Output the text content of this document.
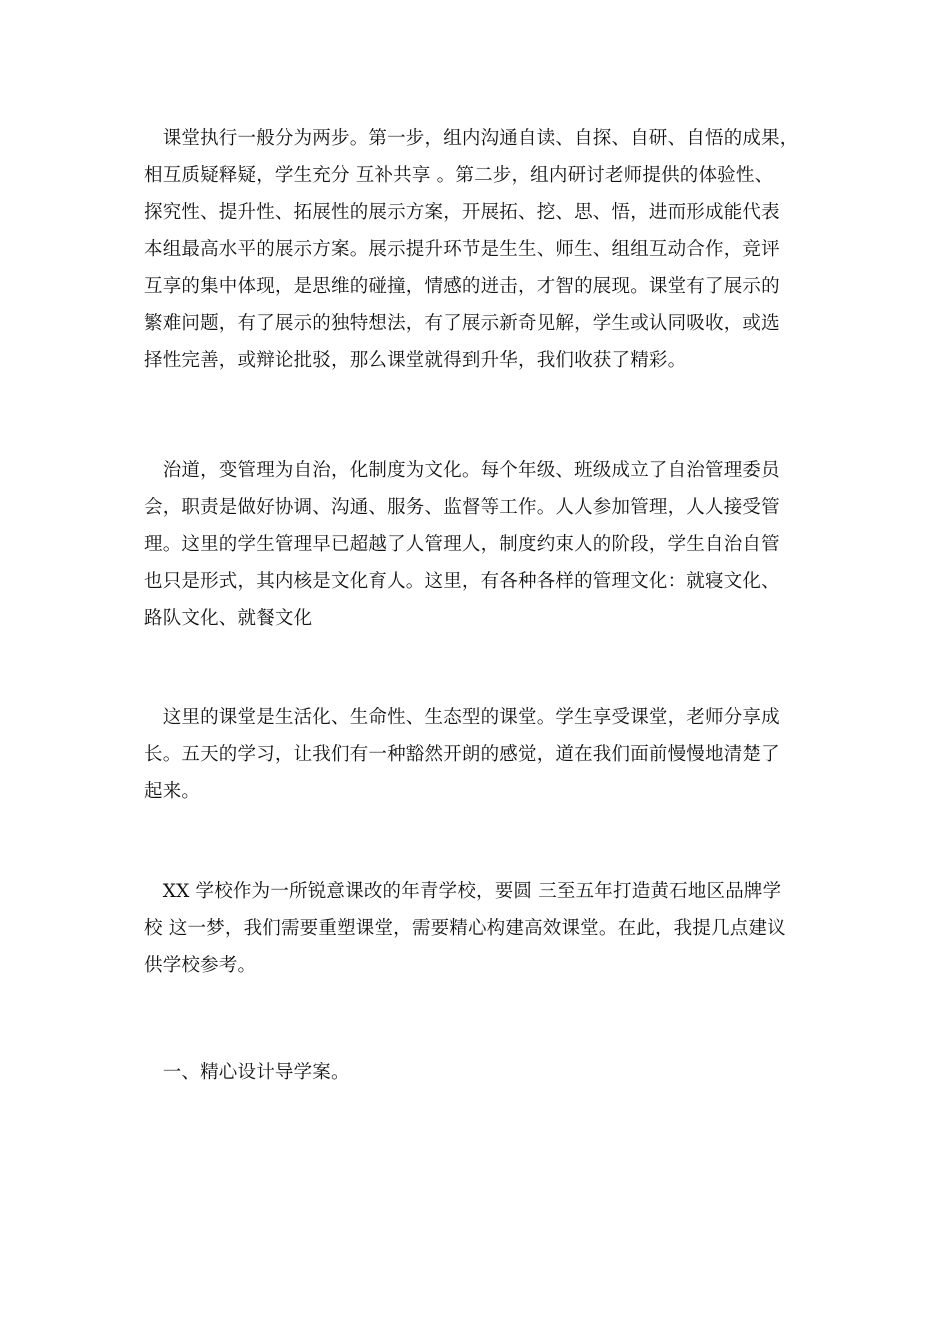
　课堂执行一般分为两步。第一步，组内沟通自读、自探、自研、自悟的成果，
相互质疑释疑，学生充分 互补共享 。第二步，组内研讨老师提供的体验性、
探究性、提升性、拓展性的展示方案，开展拓、挖、思、悟，进而形成能代表
本组最高水平的展示方案。展示提升环节是生生、师生、组组互动合作，竞评
互享的集中体现，是思维的碰撞，情感的迸击，才智的展现。课堂有了展示的
繁难问题，有了展示的独特想法，有了展示新奇见解，学生或认同吸收，或选
择性完善，或辩论批驳，那么课堂就得到升华，我们收获了精彩。

　治道，变管理为自治，化制度为文化。每个年级、班级成立了自治管理委员
会，职责是做好协调、沟通、服务、监督等工作。人人参加管理，人人接受管
理。这里的学生管理早已超越了人管理人，制度约束人的阶段，学生自治自管
也只是形式，其内核是文化育人。这里，有各种各样的管理文化：就寝文化、
路队文化、就餐文化

　这里的课堂是生活化、生命性、生态型的课堂。学生享受课堂，老师分享成
长。五天的学习，让我们有一种豁然开朗的感觉，道在我们面前慢慢地清楚了
起来。

　XX 学校作为一所锐意课改的年青学校，要圆 三至五年打造黄石地区品牌学
校 这一梦，我们需要重塑课堂，需要精心构建高效课堂。在此，我提几点建议
供学校参考。

　一、精心设计导学案。
